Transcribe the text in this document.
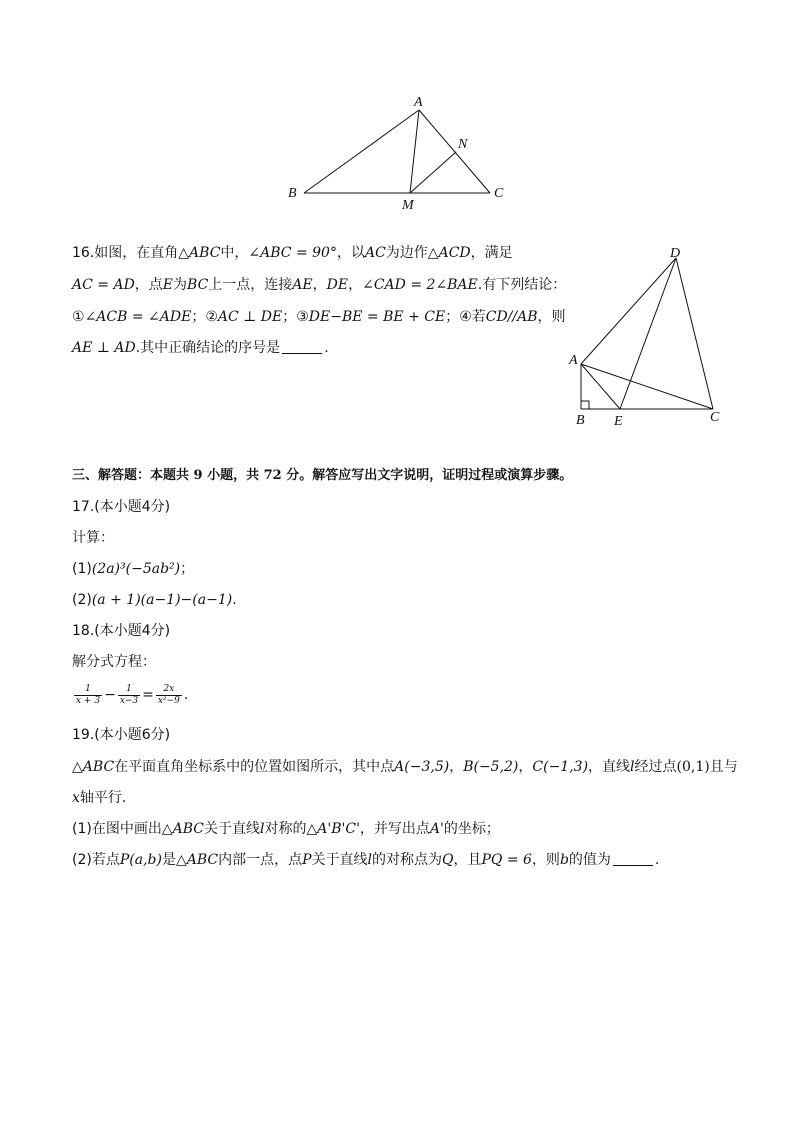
A
N
B	C
M
D
A
B E	C
16.如图，在直角△ABC中，∠ABC = 90°，以AC为边作△ACD，满足
AC = AD，点E为BC上一点，连接AE，DE，∠CAD = 2∠BAE.有下列结论：
①∠ACB = ∠ADE；②AC ⊥ DE；③DE−BE = BE + CE；④若CD//AB，则
AE ⊥ AD.其中正确结论的序号是	.
三、解答题：本题共 9 小题，共 72 分。解答应写出文字说明，证明过程或演算步骤。
17.(本小题4分)
计算：
(1)(2a)³(−5ab²)；
(2)(a + 1)(a−1)−(a−1).
18.(本小题4分)
解分式方程：
$\frac{1}{x + 3} - \frac{1}{x-3} = \frac{2x}{\text{x²−9}}$ .
19.(本小题6分)
△ABC在平面直角坐标系中的位置如图所示，其中点A(−3,5)，B(−5,2)，C(−1,3)，直线l经过点(0,1)且与
x轴平行．
(1)在图中画出△ABC关于直线l对称的△A'B'C'，并写出点A'的坐标；
(2)若点P(a,b)是△ABC内部一点，点P关于直线l的对称点为Q，且PQ = 6，则b的值为	.
